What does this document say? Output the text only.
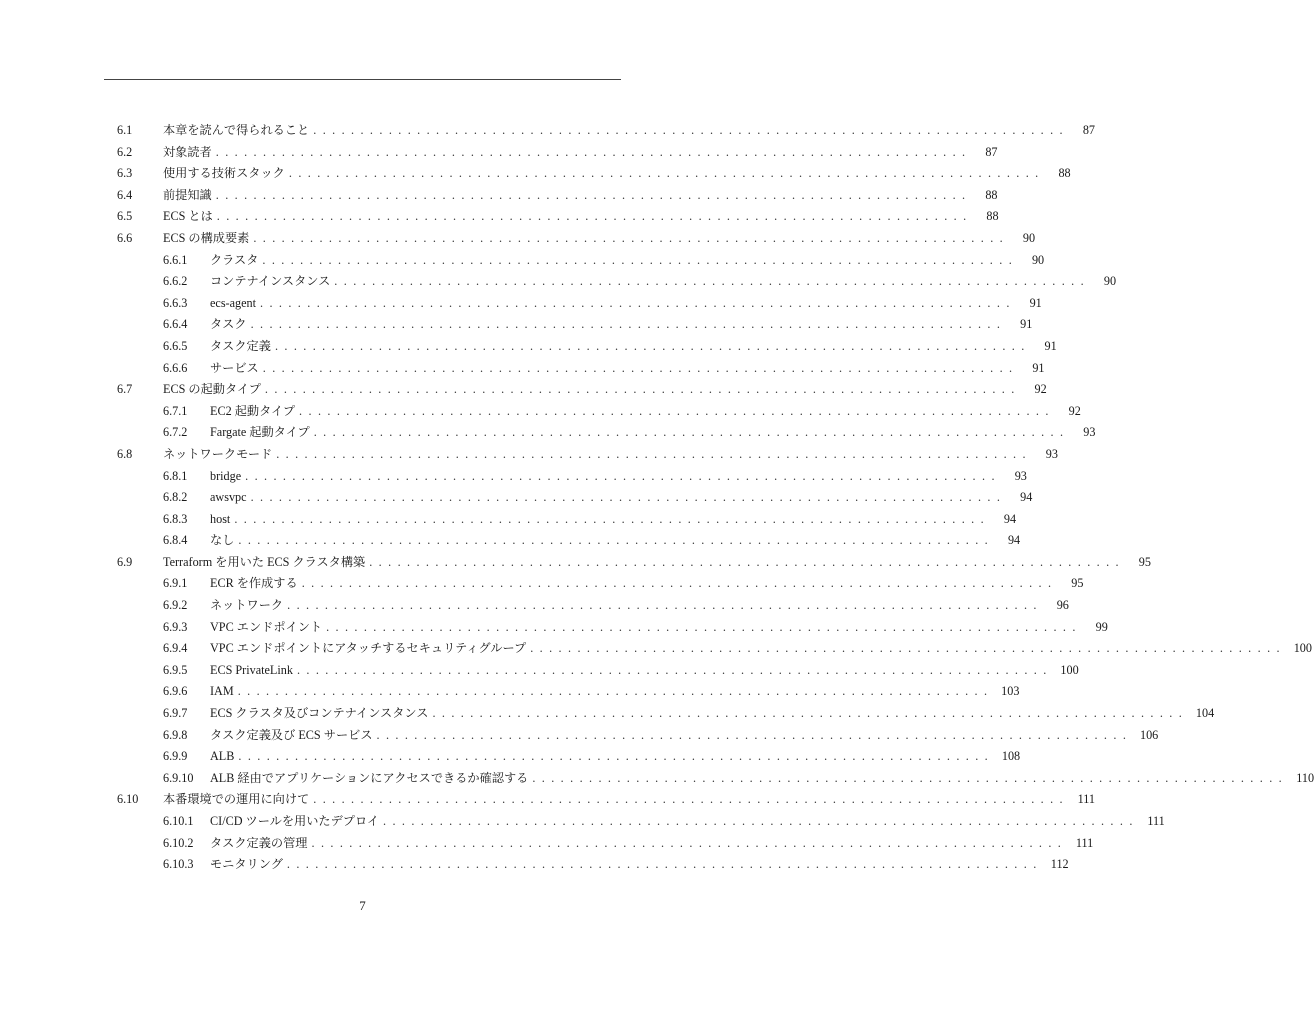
6.1	本章を読んで得られること ................................................................................	87
6.2	対象読者 ................................................................................	87
6.3	使用する技術スタック ................................................................................	88
6.4	前提知識 ................................................................................	88
6.5	ECS とは ................................................................................	88
6.6	ECS の構成要素 ................................................................................	90
6.6.1	クラスタ ................................................................................	90
6.6.2	コンテナインスタンス ................................................................................	90
6.6.3	ecs-agent ................................................................................	91
6.6.4	タスク ................................................................................	91
6.6.5	タスク定義 ................................................................................	91
6.6.6	サービス ................................................................................	91
6.7	ECS の起動タイプ ................................................................................	92
6.7.1	EC2 起動タイプ ................................................................................	92
6.7.2	Fargate 起動タイプ ................................................................................	93
6.8	ネットワークモード ................................................................................	93
6.8.1	bridge ................................................................................	93
6.8.2	awsvpc ................................................................................	94
6.8.3	host ................................................................................	94
6.8.4	なし ................................................................................	94
6.9	Terraform を用いた ECS クラスタ構築 ................................................................................	95
6.9.1	ECR を作成する ................................................................................	95
6.9.2	ネットワーク ................................................................................	96
6.9.3	VPC エンドポイント ................................................................................	99
6.9.4	VPC エンドポイントにアタッチするセキュリティグループ ................................................................................ 100
6.9.5	ECS PrivateLink ................................................................................ 100
6.9.6	IAM ................................................................................ 103
6.9.7	ECS クラスタ及びコンテナインスタンス ................................................................................ 104
6.9.8	タスク定義及び ECS サービス ................................................................................ 106
6.9.9	ALB ................................................................................ 108
6.9.10	ALB 経由でアプリケーションにアクセスできるか確認する ................................................................................ 110
6.10	本番環境での運用に向けて ................................................................................ 111
6.10.1	CI/CD ツールを用いたデプロイ ................................................................................ 111
6.10.2	タスク定義の管理 ................................................................................ 111
6.10.3	モニタリング ................................................................................ 112
7
